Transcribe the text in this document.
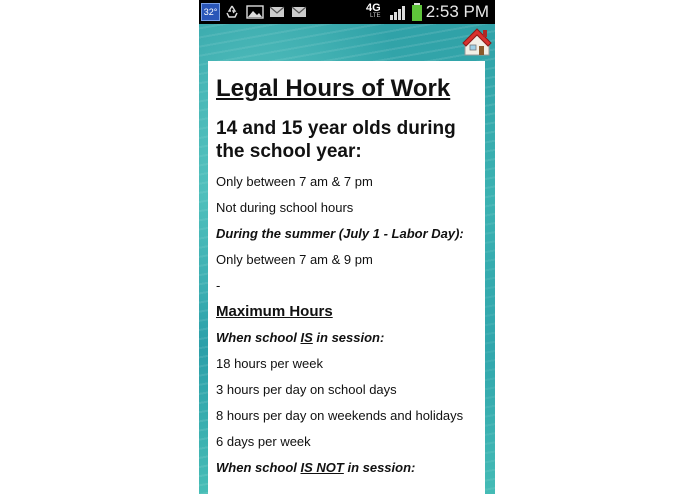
32°	4G
LTE	2:53 PM
Legal Hours of Work
14 and 15 year olds during the school year:

Only between 7 am & 7 pm

Not during school hours

During the summer (July 1 - Labor Day):

Only between 7 am & 9 pm

-
Maximum Hours

When school IS in session:

18 hours per week

3 hours per day on school days

8 hours per day on weekends and holidays

6 days per week

When school IS NOT in session:
